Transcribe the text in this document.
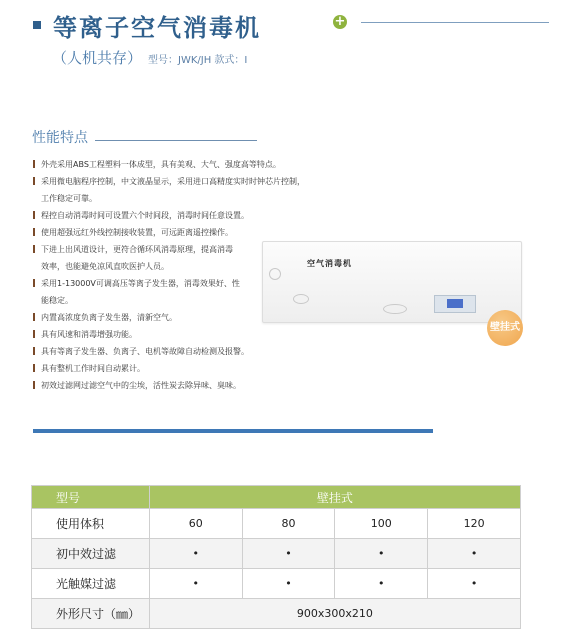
等离子空气消毒机	+
（人机共存） 型号：JWK/JH 款式：I
性能特点
外壳采用ABS工程塑料一体成型，具有美观、大气、强度高等特点。
采用微电脑程序控制，中文液晶显示，采用进口高精度实时时钟芯片控制，
工作稳定可靠。
程控自动消毒时间可设置六个时间段，消毒时间任意设置。
使用超强远红外线控制接收装置，可远距离遥控操作。
下进上出风道设计，更符合循环风消毒原理，提高消毒
效率，也能避免凉风直吹医护人员。
采用1-13000V可调高压等离子发生器，消毒效果好、性
能稳定。
内置高浓度负离子发生器，清新空气。
具有风速和消毒增强功能。
具有等离子发生器、负离子、电机等故障自动检测及报警。
具有整机工作时间自动累计。
初效过滤网过滤空气中的尘埃，活性炭去除异味、臭味。
空气消毒机
壁挂式
型号	壁挂式			
使用体积	60	80	100	120
初中效过滤	•	•	•	•
光触媒过滤	•	•	•	•
外形尺寸（㎜）	900x300x210			
